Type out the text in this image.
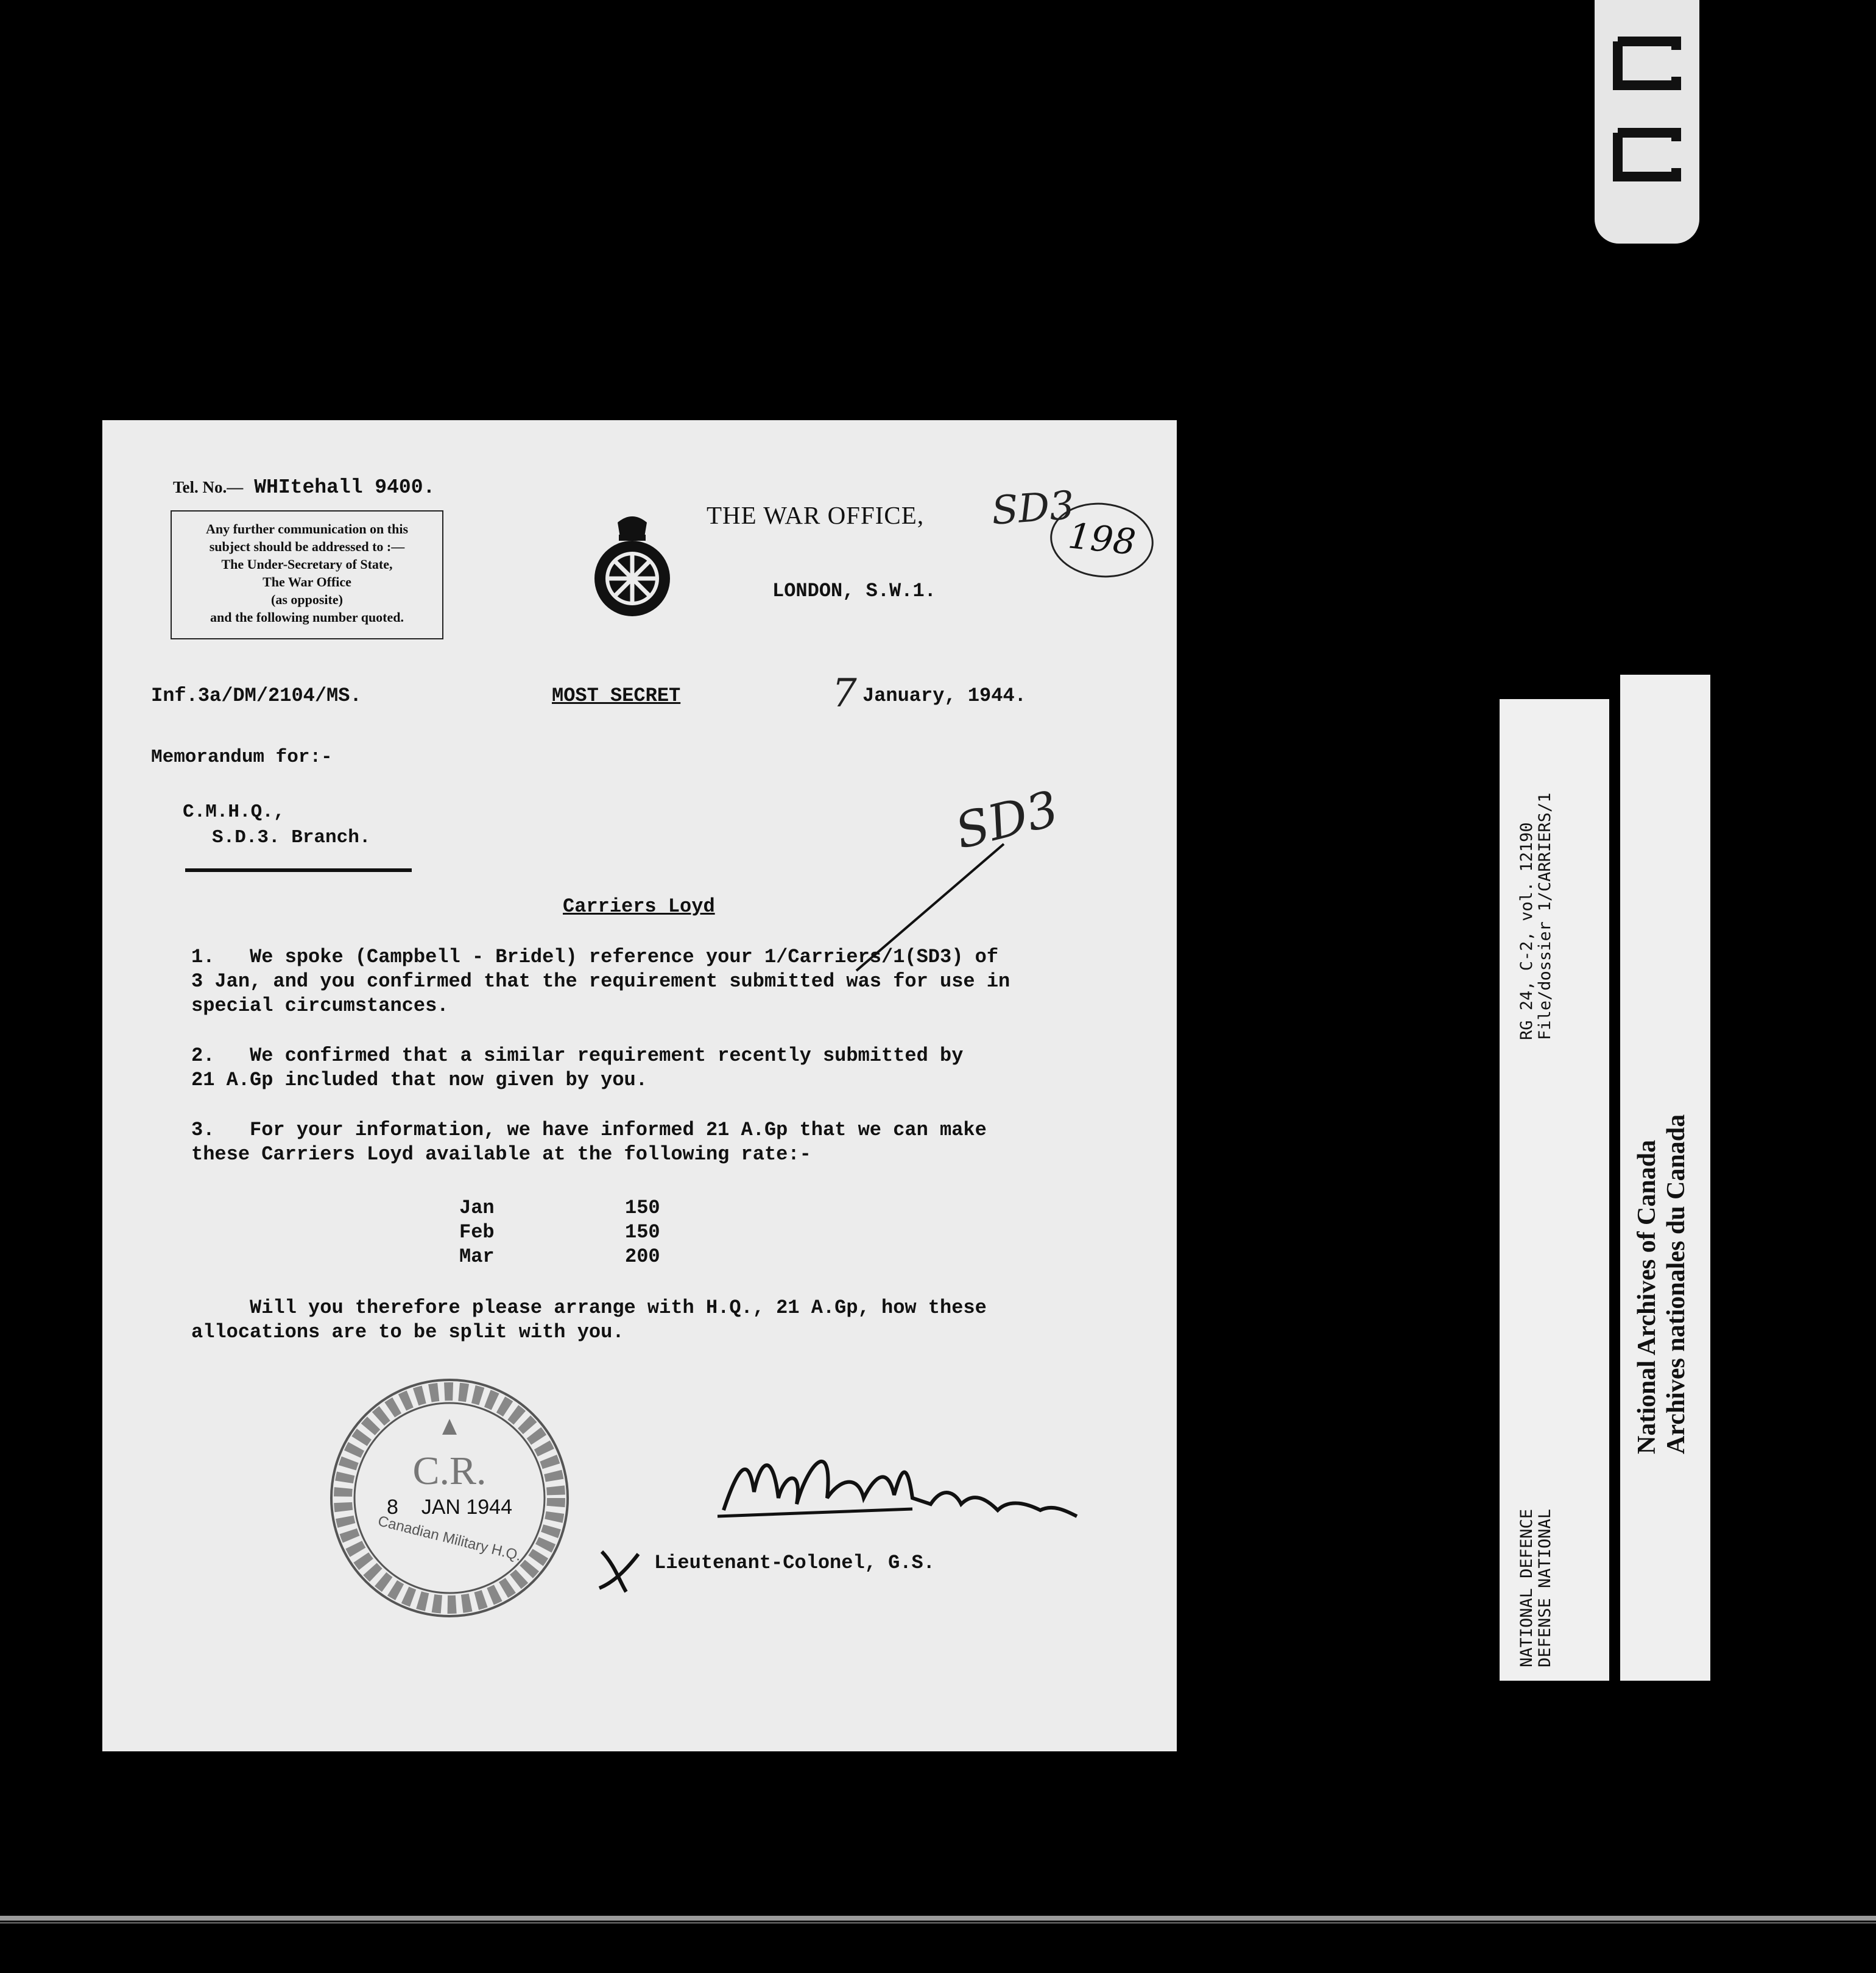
Tel. No.— WHItehall 9400.
Any further communication on this
subject should be addressed to :—
The Under-Secretary of State,
The War Office
(as opposite)
and the following number quoted.
THE WAR OFFICE,
LONDON, S.W.1.
SD3
198
Inf.3a/DM/2104/MS.	MOST SECRET	7 January, 1944.
Memorandum for:-
C.M.H.Q.,
S.D.3. Branch.	SD3
Carriers Loyd
1.   We spoke (Campbell - Bridel) reference your 1/Carriers/1(SD3) of
3 Jan, and you confirmed that the requirement submitted was for use in
special circumstances.
2.   We confirmed that a similar requirement recently submitted by
21 A.Gp included that now given by you.
3.   For your information, we have informed 21 A.Gp that we can make
these Carriers Loyd available at the following rate:-
Jan	150
Feb	150
Mar	200
Will you therefore please arrange with H.Q., 21 A.Gp, how these
allocations are to be split with you.
C.R.
8 JAN 1944
Canadian Military H.Q.	Lieutenant-Colonel, G.S.
RG 24, C-2, vol. 12190 File/dossier 1/CARRIERS/1
NATIONAL DEFENCE DEFENSE NATIONAL
National Archives of Canada Archives nationales du Canada
